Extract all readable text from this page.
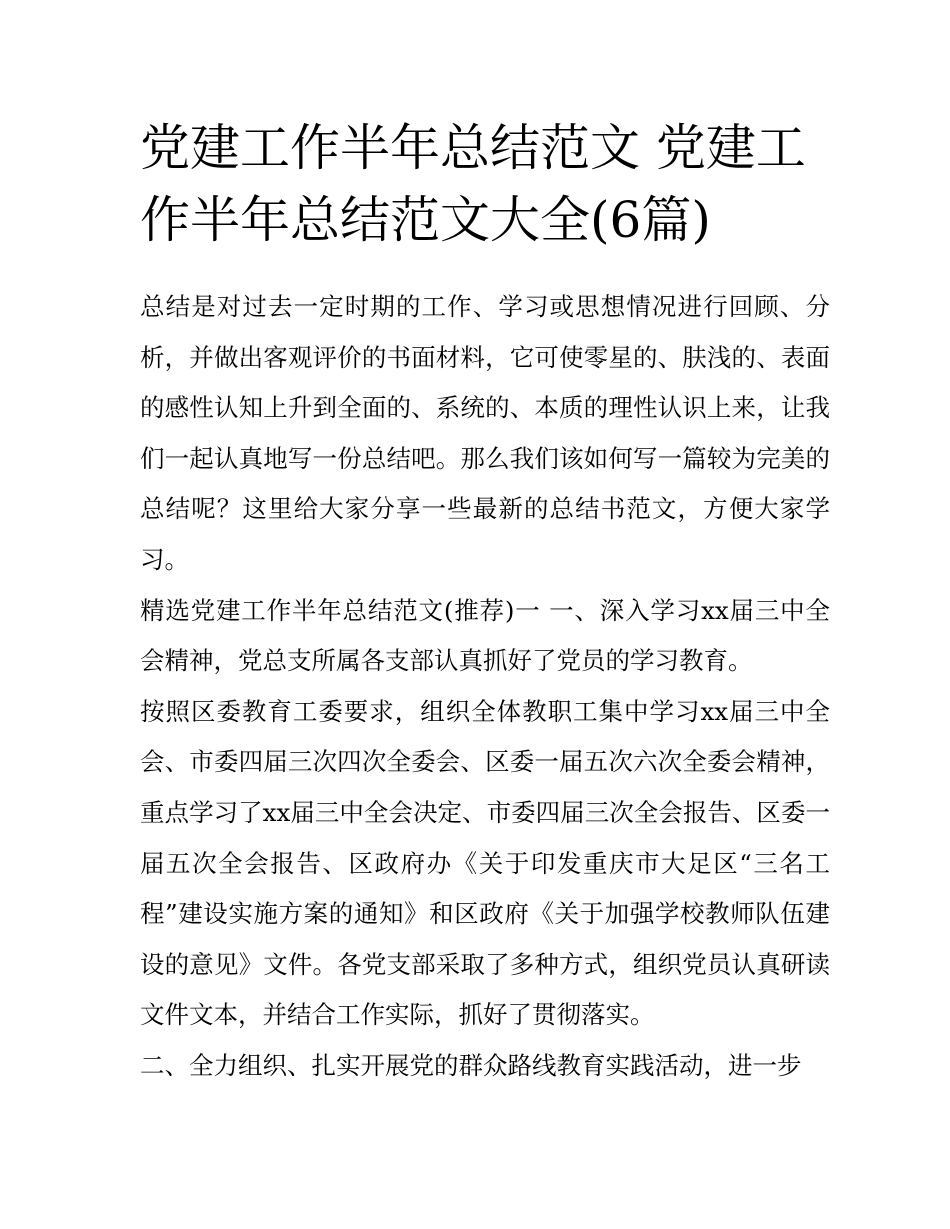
党建工作半年总结范文 党建工作半年总结范文大全(6篇)

总结是对过去一定时期的工作、学习或思想情况进行回顾、分析，并做出客观评价的书面材料，它可使零星的、肤浅的、表面的感性认知上升到全面的、系统的、本质的理性认识上来，让我们一起认真地写一份总结吧。那么我们该如何写一篇较为完美的总结呢？这里给大家分享一些最新的总结书范文，方便大家学习。

精选党建工作半年总结范文(推荐)一 一、深入学习xx届三中全会精神，党总支所属各支部认真抓好了党员的学习教育。

按照区委教育工委要求，组织全体教职工集中学习xx届三中全会、市委四届三次四次全委会、区委一届五次六次全委会精神，重点学习了xx届三中全会决定、市委四届三次全会报告、区委一届五次全会报告、区政府办《关于印发重庆市大足区“三名工程”建设实施方案的通知》和区政府《关于加强学校教师队伍建设的意见》文件。各党支部采取了多种方式，组织党员认真研读文件文本，并结合工作实际，抓好了贯彻落实。

二、全力组织、扎实开展党的群众路线教育实践活动，进一步
